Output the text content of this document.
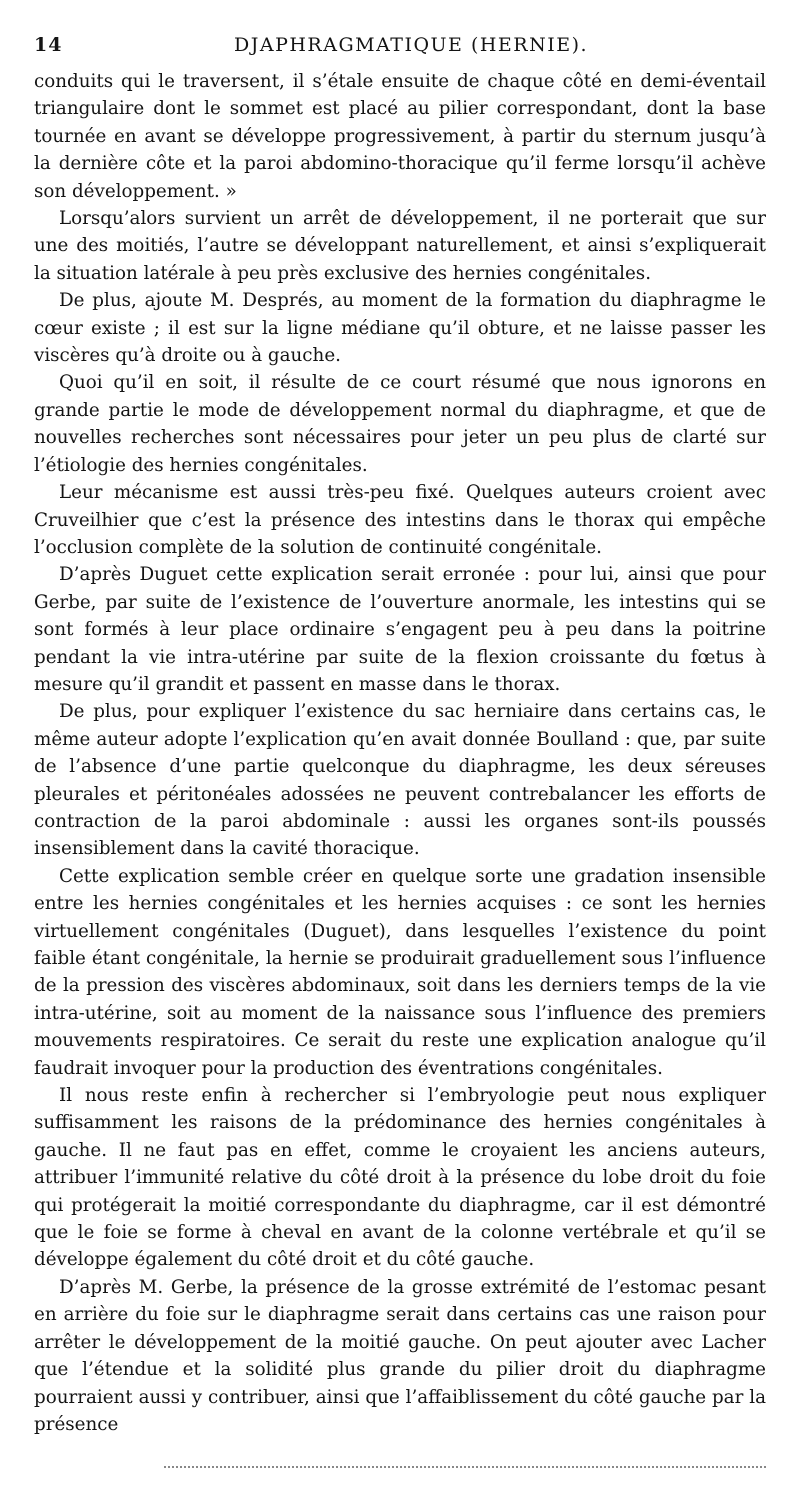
14	DJAPHRAGMATIQUE (HERNIE).

conduits qui le traversent, il s’étale ensuite de chaque côté en demi-éventail triangulaire dont le sommet est placé au pilier correspondant, dont la base tournée en avant se développe progressivement, à partir du sternum jusqu’à la dernière côte et la paroi abdomino-thoracique qu’il ferme lorsqu’il achève son développement. »

Lorsqu’alors survient un arrêt de développement, il ne porterait que sur une des moitiés, l’autre se développant naturellement, et ainsi s’expliquerait la situation latérale à peu près exclusive des hernies congénitales.

De plus, ajoute M. Després, au moment de la formation du diaphragme le cœur existe ; il est sur la ligne médiane qu’il obture, et ne laisse passer les viscères qu’à droite ou à gauche.

Quoi qu’il en soit, il résulte de ce court résumé que nous ignorons en grande partie le mode de développement normal du diaphragme, et que de nouvelles recherches sont nécessaires pour jeter un peu plus de clarté sur l’étiologie des hernies congénitales.

Leur mécanisme est aussi très-peu fixé. Quelques auteurs croient avec Cruveilhier que c’est la présence des intestins dans le thorax qui empêche l’occlusion complète de la solution de continuité congénitale.

D’après Duguet cette explication serait erronée : pour lui, ainsi que pour Gerbe, par suite de l’existence de l’ouverture anormale, les intestins qui se sont formés à leur place ordinaire s’engagent peu à peu dans la poitrine pendant la vie intra-utérine par suite de la flexion croissante du fœtus à mesure qu’il grandit et passent en masse dans le thorax.

De plus, pour expliquer l’existence du sac herniaire dans certains cas, le même auteur adopte l’explication qu’en avait donnée Boulland : que, par suite de l’absence d’une partie quelconque du diaphragme, les deux séreuses pleurales et péritonéales adossées ne peuvent contrebalancer les efforts de contraction de la paroi abdominale : aussi les organes sont-ils poussés insensiblement dans la cavité thoracique.

Cette explication semble créer en quelque sorte une gradation insensible entre les hernies congénitales et les hernies acquises : ce sont les hernies virtuellement congénitales (Duguet), dans lesquelles l’existence du point faible étant congénitale, la hernie se produirait graduellement sous l’influence de la pression des viscères abdominaux, soit dans les derniers temps de la vie intra-utérine, soit au moment de la naissance sous l’influence des premiers mouvements respiratoires. Ce serait du reste une explication analogue qu’il faudrait invoquer pour la production des éventrations congénitales.

Il nous reste enfin à rechercher si l’embryologie peut nous expliquer suffisamment les raisons de la prédominance des hernies congénitales à gauche. Il ne faut pas en effet, comme le croyaient les anciens auteurs, attribuer l’immunité relative du côté droit à la présence du lobe droit du foie qui protégerait la moitié correspondante du diaphragme, car il est démontré que le foie se forme à cheval en avant de la colonne vertébrale et qu’il se développe également du côté droit et du côté gauche.

D’après M. Gerbe, la présence de la grosse extrémité de l’estomac pesant en arrière du foie sur le diaphragme serait dans certains cas une raison pour arrêter le développement de la moitié gauche. On peut ajouter avec Lacher que l’étendue et la solidité plus grande du pilier droit du diaphragme pourraient aussi y contribuer, ainsi que l’affaiblissement du côté gauche par la présence
